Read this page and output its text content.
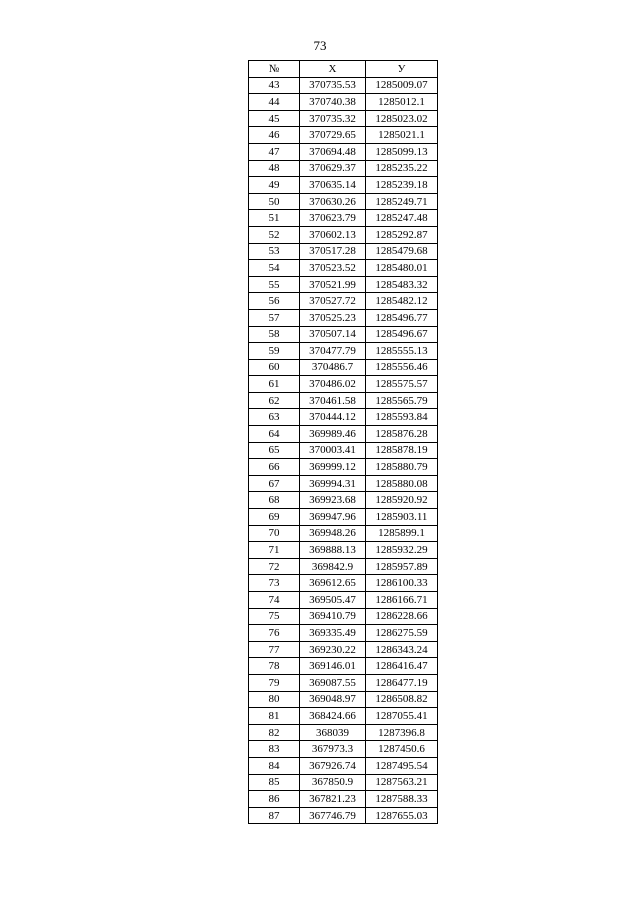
73
№	X	У
43	370735.53	1285009.07
44	370740.38	1285012.1
45	370735.32	1285023.02
46	370729.65	1285021.1
47	370694.48	1285099.13
48	370629.37	1285235.22
49	370635.14	1285239.18
50	370630.26	1285249.71
51	370623.79	1285247.48
52	370602.13	1285292.87
53	370517.28	1285479.68
54	370523.52	1285480.01
55	370521.99	1285483.32
56	370527.72	1285482.12
57	370525.23	1285496.77
58	370507.14	1285496.67
59	370477.79	1285555.13
60	370486.7	1285556.46
61	370486.02	1285575.57
62	370461.58	1285565.79
63	370444.12	1285593.84
64	369989.46	1285876.28
65	370003.41	1285878.19
66	369999.12	1285880.79
67	369994.31	1285880.08
68	369923.68	1285920.92
69	369947.96	1285903.11
70	369948.26	1285899.1
71	369888.13	1285932.29
72	369842.9	1285957.89
73	369612.65	1286100.33
74	369505.47	1286166.71
75	369410.79	1286228.66
76	369335.49	1286275.59
77	369230.22	1286343.24
78	369146.01	1286416.47
79	369087.55	1286477.19
80	369048.97	1286508.82
81	368424.66	1287055.41
82	368039	1287396.8
83	367973.3	1287450.6
84	367926.74	1287495.54
85	367850.9	1287563.21
86	367821.23	1287588.33
87	367746.79	1287655.03
